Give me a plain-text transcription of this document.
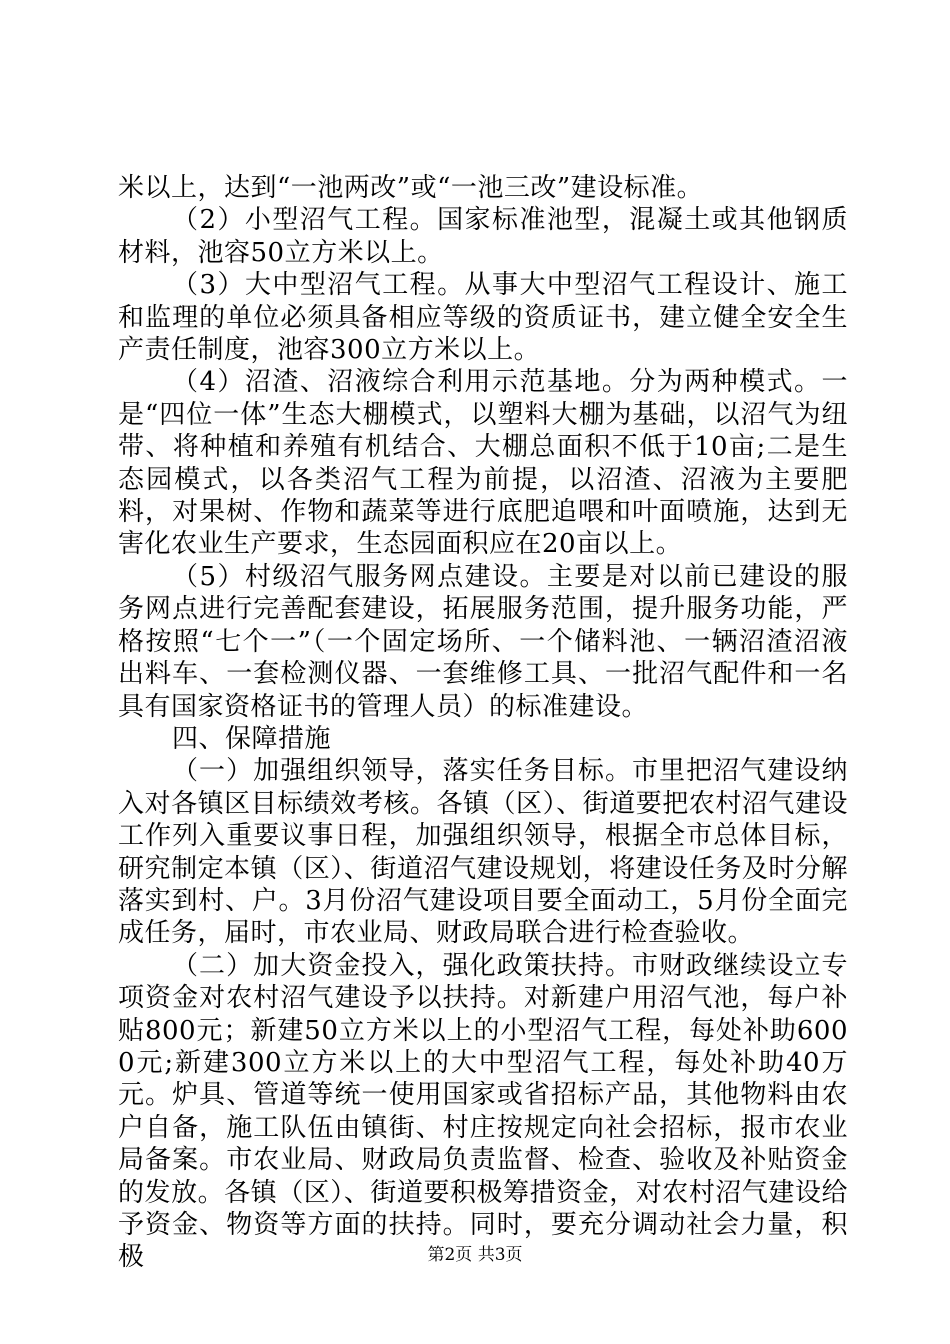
米以上，达到“一池两改”或“一池三改”建设标准。

（2）小型沼气工程。国家标准池型，混凝土或其他钢质材料，池容50立方米以上。

（3）大中型沼气工程。从事大中型沼气工程设计、施工和监理的单位必须具备相应等级的资质证书，建立健全安全生产责任制度，池容300立方米以上。

（4）沼渣、沼液综合利用示范基地。分为两种模式。一是“四位一体”生态大棚模式，以塑料大棚为基础，以沼气为纽带、将种植和养殖有机结合、大棚总面积不低于10亩;二是生态园模式，以各类沼气工程为前提，以沼渣、沼液为主要肥料，对果树、作物和蔬菜等进行底肥追喂和叶面喷施，达到无害化农业生产要求，生态园面积应在20亩以上。

（5）村级沼气服务网点建设。主要是对以前已建设的服务网点进行完善配套建设，拓展服务范围，提升服务功能，严格按照“七个一”（一个固定场所、一个储料池、一辆沼渣沼液出料车、一套检测仪器、一套维修工具、一批沼气配件和一名具有国家资格证书的管理人员）的标准建设。

四、保障措施

（一）加强组织领导，落实任务目标。市里把沼气建设纳入对各镇区目标绩效考核。各镇（区）、街道要把农村沼气建设工作列入重要议事日程，加强组织领导，根据全市总体目标，研究制定本镇（区）、街道沼气建设规划，将建设任务及时分解落实到村、户。3月份沼气建设项目要全面动工，5月份全面完成任务，届时，市农业局、财政局联合进行检查验收。

（二）加大资金投入，强化政策扶持。市财政继续设立专项资金对农村沼气建设予以扶持。对新建户用沼气池，每户补贴800元；新建50立方米以上的小型沼气工程，每处补助6000元;新建300立方米以上的大中型沼气工程，每处补助40万元。炉具、管道等统一使用国家或省招标产品，其他物料由农户自备，施工队伍由镇街、村庄按规定向社会招标，报市农业局备案。市农业局、财政局负责监督、检查、验收及补贴资金的发放。各镇（区）、街道要积极筹措资金，对农村沼气建设给予资金、物资等方面的扶持。同时，要充分调动社会力量，积极	第2页 共3页
